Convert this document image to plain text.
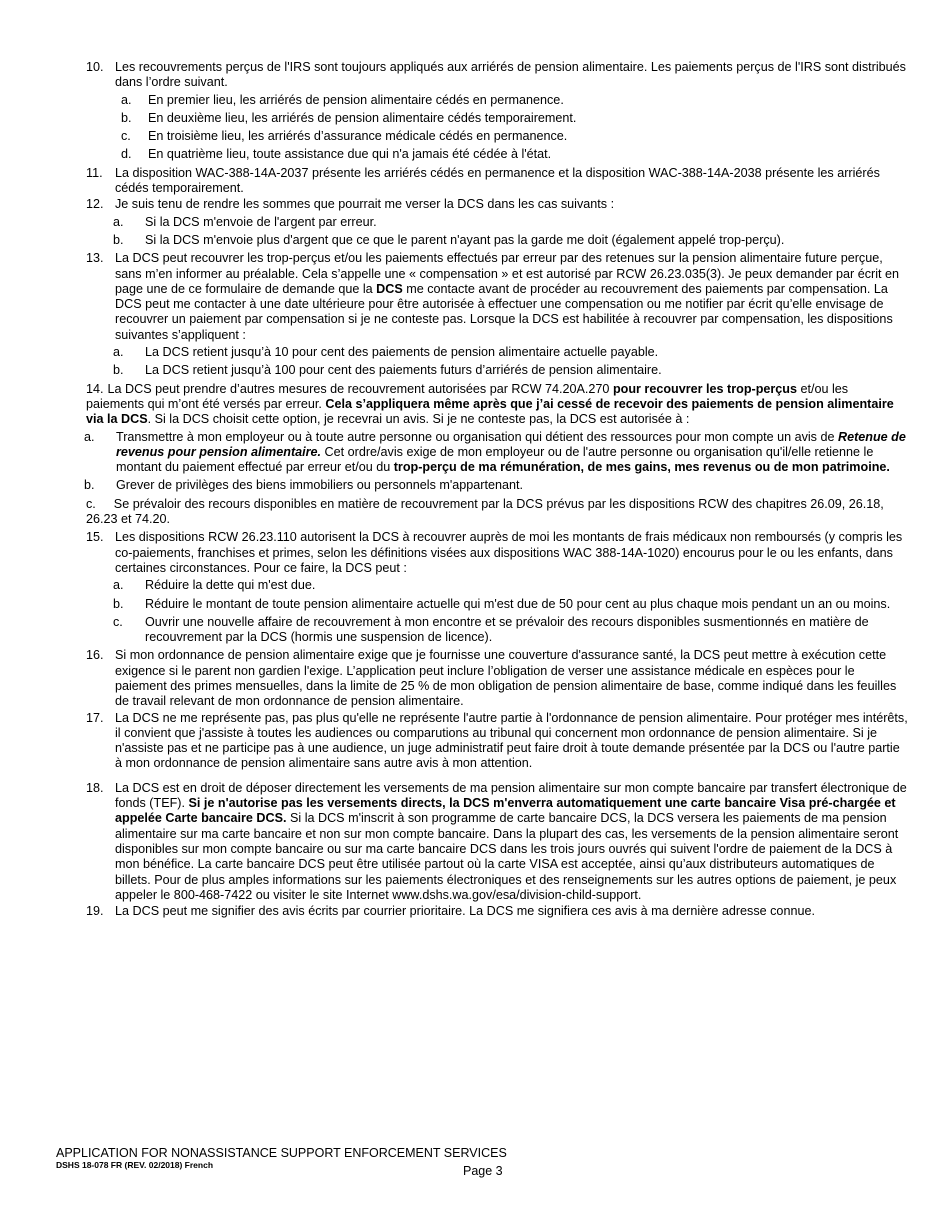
10. Les recouvrements perçus de l'IRS sont toujours appliqués aux arriérés de pension alimentaire. Les paiements perçus de l'IRS sont distribués dans l’ordre suivant.
a. En premier lieu, les arriérés de pension alimentaire cédés en permanence.
b. En deuxième lieu, les arriérés de pension alimentaire cédés temporairement.
c. En troisième lieu, les arriérés d’assurance médicale cédés en permanence.
d. En quatrième lieu, toute assistance due qui n'a jamais été cédée à l'état.
11. La disposition WAC-388-14A-2037 présente les arriérés cédés en permanence et la disposition WAC-388-14A-2038 présente les arriérés cédés temporairement.
12. Je suis tenu de rendre les sommes que pourrait me verser la DCS dans les cas suivants :
a. Si la DCS m'envoie de l'argent par erreur.
b. Si la DCS m'envoie plus d'argent que ce que le parent n'ayant pas la garde me doit (également appelé trop-perçu).
13. La DCS peut recouvrer les trop-perçus et/ou les paiements effectués par erreur par des retenues sur la pension alimentaire future perçue, sans m’en informer au préalable. Cela s’appelle une « compensation » et est autorisé par RCW 26.23.035(3). Je peux demander par écrit en page une de ce formulaire de demande que la DCS me contacte avant de procéder au recouvrement des paiements par compensation. La DCS peut me contacter à une date ultérieure pour être autorisée à effectuer une compensation ou me notifier par écrit qu’elle envisage de recouvrer un paiement par compensation si je ne conteste pas. Lorsque la DCS est habilitée à recouvrer par compensation, les dispositions suivantes s’appliquent :
a. La DCS retient jusqu’à 10 pour cent des paiements de pension alimentaire actuelle payable.
b. La DCS retient jusqu’à 100 pour cent des paiements futurs d’arriérés de pension alimentaire.
14. La DCS peut prendre d’autres mesures de recouvrement autorisées par RCW 74.20A.270 pour recouvrer les trop-perçus et/ou les paiements qui m’ont été versés par erreur. Cela s’appliquera même après que j’ai cessé de recevoir des paiements de pension alimentaire via la DCS. Si la DCS choisit cette option, je recevrai un avis. Si je ne conteste pas, la DCS est autorisée à :
a. Transmettre à mon employeur ou à toute autre personne ou organisation qui détient des ressources pour mon compte un avis de Retenue de revenus pour pension alimentaire. Cet ordre/avis exige de mon employeur ou de l'autre personne ou organisation qu'il/elle retienne le montant du paiement effectué par erreur et/ou du trop-perçu de ma rémunération, de mes gains, mes revenus ou de mon patrimoine.
b. Grever de privilèges des biens immobiliers ou personnels m'appartenant.
c. Se prévaloir des recours disponibles en matière de recouvrement par la DCS prévus par les dispositions RCW des chapitres 26.09, 26.18, 26.23 et 74.20.
15. Les dispositions RCW 26.23.110 autorisent la DCS à recouvrer auprès de moi les montants de frais médicaux non remboursés (y compris les co-paiements, franchises et primes, selon les définitions visées aux dispositions WAC 388-14A-1020) encourus pour le ou les enfants, dans certaines circonstances. Pour ce faire, la DCS peut :
a. Réduire la dette qui m'est due.
b. Réduire le montant de toute pension alimentaire actuelle qui m'est due de 50 pour cent au plus chaque mois pendant un an ou moins.
c. Ouvrir une nouvelle affaire de recouvrement à mon encontre et se prévaloir des recours disponibles susmentionnés en matière de recouvrement par la DCS (hormis une suspension de licence).
16. Si mon ordonnance de pension alimentaire exige que je fournisse une couverture d'assurance santé, la DCS peut mettre à exécution cette exigence si le parent non gardien l'exige. L’application peut inclure l’obligation de verser une assistance médicale en espèces pour le paiement des primes mensuelles, dans la limite de 25 % de mon obligation de pension alimentaire de base, comme indiqué dans les feuilles de travail relevant de mon ordonnance de pension alimentaire.
17. La DCS ne me représente pas, pas plus qu'elle ne représente l'autre partie à l'ordonnance de pension alimentaire. Pour protéger mes intérêts, il convient que j'assiste à toutes les audiences ou comparutions au tribunal qui concernent mon ordonnance de pension alimentaire. Si je n'assiste pas et ne participe pas à une audience, un juge administratif peut faire droit à toute demande présentée par la DCS ou l'autre partie à mon ordonnance de pension alimentaire sans autre avis à mon attention.
18. La DCS est en droit de déposer directement les versements de ma pension alimentaire sur mon compte bancaire par transfert électronique de fonds (TEF). Si je n'autorise pas les versements directs, la DCS m'enverra automatiquement une carte bancaire Visa pré-chargée et appelée Carte bancaire DCS. Si la DCS m'inscrit à son programme de carte bancaire DCS, la DCS versera les paiements de ma pension alimentaire sur ma carte bancaire et non sur mon compte bancaire. Dans la plupart des cas, les versements de la pension alimentaire seront disponibles sur mon compte bancaire ou sur ma carte bancaire DCS dans les trois jours ouvrés qui suivent l'ordre de paiement de la DCS à mon bénéfice. La carte bancaire DCS peut être utilisée partout où la carte VISA est acceptée, ainsi qu’aux distributeurs automatiques de billets. Pour de plus amples informations sur les paiements électroniques et des renseignements sur les autres options de paiement, je peux appeler le 800-468-7422 ou visiter le site Internet www.dshs.wa.gov/esa/division-child-support.
19. La DCS peut me signifier des avis écrits par courrier prioritaire. La DCS me signifiera ces avis à ma dernière adresse connue.
APPLICATION FOR NONASSISTANCE SUPPORT ENFORCEMENT SERVICES
DSHS 18-078 FR (REV. 02/2018) French	Page 3
